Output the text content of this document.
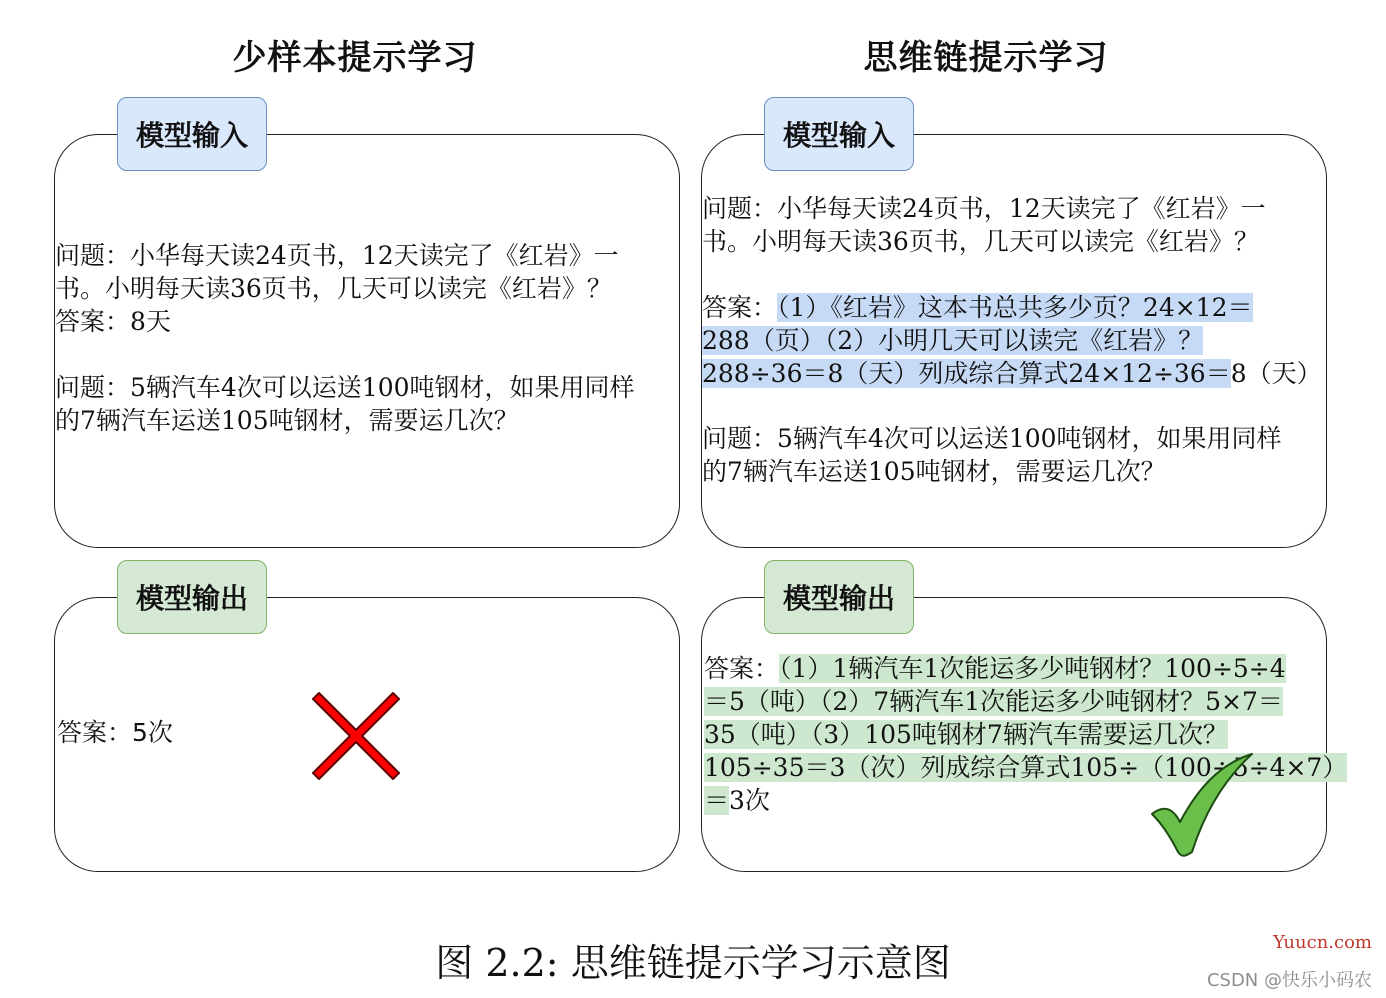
少样本提示学习
问题：小华每天读24页书，12天读完了《红岩》一
书。小明每天读36页书，几天可以读完《红岩》？
答案：8天
问题：5辆汽车4次可以运送100吨钢材，如果用同样
的7辆汽车运送105吨钢材，需要运几次？
模型输入
答案：5次
模型输出
思维链提示学习
问题：小华每天读24页书，12天读完了《红岩》一
书。小明每天读36页书，几天可以读完《红岩》？
答案：（1）《红岩》这本书总共多少页？24×12＝
288（页）（2）小明几天可以读完《红岩》？
288÷36＝8（天）列成综合算式24×12÷36＝8（天）
问题：5辆汽车4次可以运送100吨钢材，如果用同样
的7辆汽车运送105吨钢材，需要运几次？
模型输入
答案：（1）1辆汽车1次能运多少吨钢材？100÷5÷4
＝5（吨）（2）7辆汽车1次能运多少吨钢材？5×7＝
35（吨）（3）105吨钢材7辆汽车需要运几次？
105÷35＝3（次）列成综合算式105÷（100÷5÷4×7）
＝3次
模型输出
图 2.2: 思维链提示学习示意图	Yuucn.com
CSDN @快乐小码农
